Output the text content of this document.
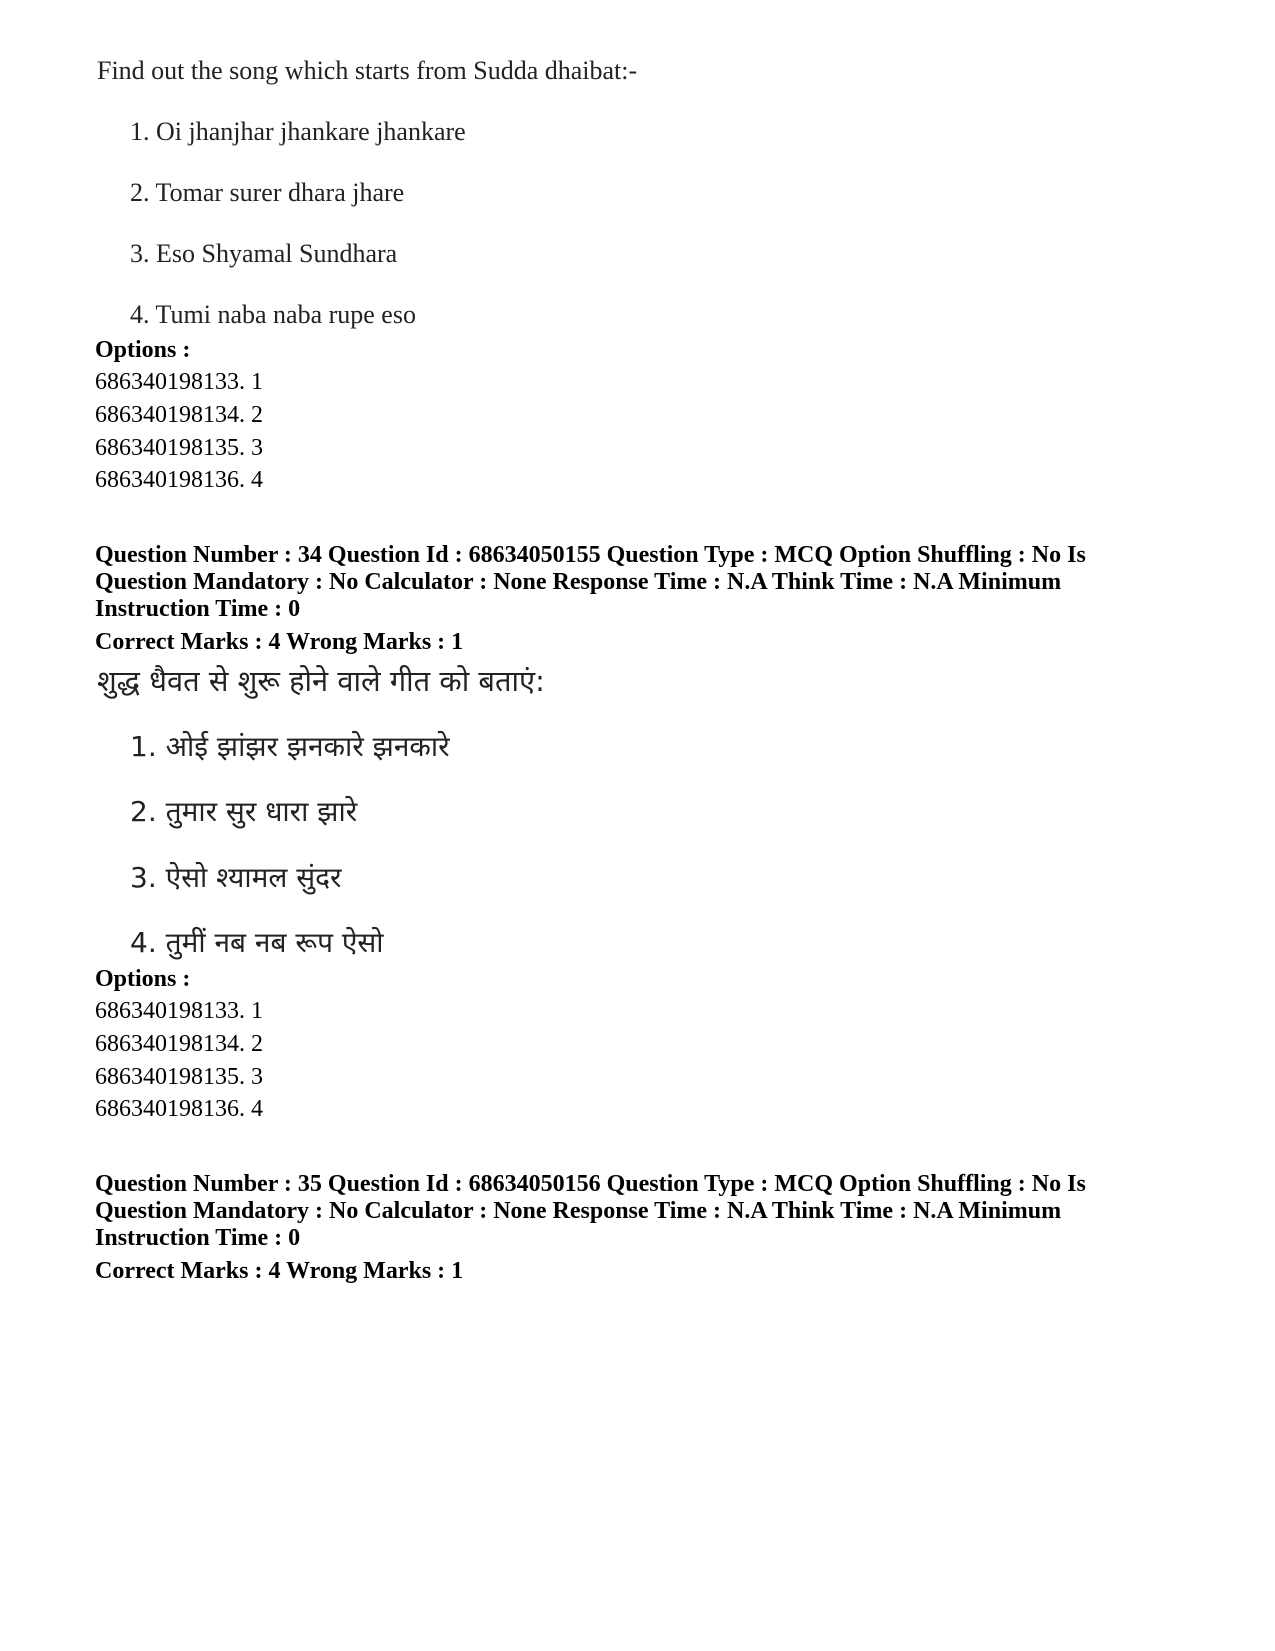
Find out the song which starts from Sudda dhaibat:-
1. Oi jhanjhar jhankare jhankare
2. Tomar surer dhara jhare
3. Eso Shyamal Sundhara
4. Tumi naba naba rupe eso
Options :
686340198133. 1
686340198134. 2
686340198135. 3
686340198136. 4
Question Number : 34 Question Id : 68634050155 Question Type : MCQ Option Shuffling : No Is
Question Mandatory : No Calculator : None Response Time : N.A Think Time : N.A Minimum
Instruction Time : 0
Correct Marks : 4 Wrong Marks : 1
शुद्ध धैवत से शुरू होने वाले गीत को बताएं:
1. ओई झांझर झनकारे झनकारे
2. तुमार सुर धारा झारे
3. ऐसो श्यामल सुंदर
4. तुमीं नब नब रूप ऐसो
Options :
686340198133. 1
686340198134. 2
686340198135. 3
686340198136. 4
Question Number : 35 Question Id : 68634050156 Question Type : MCQ Option Shuffling : No Is
Question Mandatory : No Calculator : None Response Time : N.A Think Time : N.A Minimum
Instruction Time : 0
Correct Marks : 4 Wrong Marks : 1
